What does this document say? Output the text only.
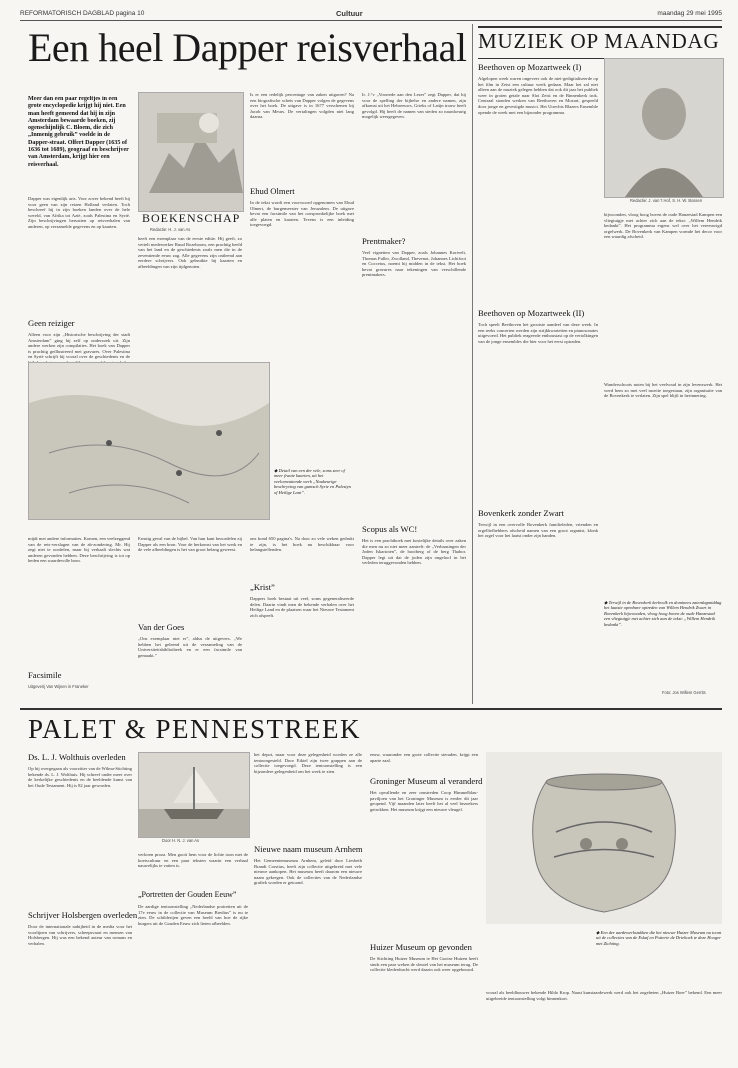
REFORMATORISCH DAGBLAD pagina 10	Cultuur	maandag 29 mei 1995
Een heel Dapper reisverhaal
Meer dan een paar regeltjes in een grote encyclopedie krijgt hij niet. Een man heeft gemeend dat hij in zijn Amsterdam bewaarde boeken, zij ogenschijnlijk C. Bloem, die zich „Inmenig gebruik” voelde in de Dapper-straat. Olfert Dapper (1635 of 1636 tot 1689), geograaf en beschrijver van Amsterdam, krijgt hier een reisverhaal.
Dapper was eigenlijk arts. Voor zover bekend heeft hij voor geen van zijn reizen Holland verlaten. Toch beschreef hij in zijn boeken landen over de hele wereld, van Afrika tot Azië, zoals Palestina en Syrië. Zijn beschrijvingen berustten op reisverhalen van anderen, op verzamelde gegevens en op kaarten.
Geen reiziger
Alleen voor zijn „Historische beschrijving der stadt Amsterdam” ging hij zelf op onderzoek uit. Zijn andere werken zijn compilaties. Het boek van Dapper is prachtig geïllustreerd met gravures. Over Palestina en Syrië schrijft hij vooral over de geschiedenis en de
BOEKENSCHAP
Redactie: H. J. van As
heeft een exemplaar van de eerste editie. Hij geeft, zo vertelt medewerker Ruud Rozeboom, een prachtig beeld van het land en de geschiedenis zoals men die in de zeventiende eeuw zag. Alle gegevens zijn ontleend aan eerdere schrijvers. Ook gebruikte hij kaarten en afbeeldingen van zijn tijdgenoten.
Is er een redelijk percentage van zaken uitgaven? Na een biografische schets van Dapper volgen de gegevens over het boek. De uitgave is in 1677 verschenen bij Jacob van Meurs. De vertalingen volgden niet lang daarna.
Ehud Olmert
In de tekst wordt een voorwoord opgenomen van Ehud Olmert, de burgemeester van Jeruzalem. De uitgave bevat een facsimile van het oorspronkelijke boek met alle platen en kaarten. Tevens is een inleiding toegevoegd.
Ir. J.°v „Voorrede aan den Lezer” zegt Dapper, dat hij voor de spelling der bijbelse en andere namen, zijn afkomst uit het Hebreeuws, Grieks of Latijn trouw heeft gevolgd. Hij heeft de namen van steden zo nauwkeurig mogelijk weergegeven.
Prentmaker?
Veel vignetten van Dapper, zoals Johannes Kortvelt, Thomas Fuller, Zwolland, Thevenot, Johannes Lichtfoot en Cocceius, noemt hij midden in de tekst. Het boek bevat gravures naar tekeningen van verschillende prentmakers.
Scopus als WC!
Het is een prachtboek met kostelijke details over zaken die men nu zo niet meer aantreft: de „Verbaasingen der Joden Iskarioten”, de hooiberg of de berg Thabor. Dapper legt uit dat de joden zijn ongeloof in het verleden teruggevonden hebben.
◆ Detail van een der vele, soms zeer of meer fraaie kaarten, uit het veelomvattende werk „Naukeurige beschryving van gantsch Syrie en Palestyn of Heilige Lant”.
mijdt met andere informaties. Komen, een veelzeggend van de reis-verslagen van de ab-zondering. Mr. Hij zegt niet te oordelen, maar hij verhaalt slechts wat anderen gevonden hebben. Deze beschrijving is tot op heden een waardevolle bron.
Facsimile
Uitgeverij Van Wijnen in Franeker
Ernstig geval van de bijbel. Van hun kant beoordelen zij Dapper als een bron. Voor de herkomst van het werk en de vele afbeeldingen is het van groot belang geweest.
Van der Goes
„Ons exemplaar niet er”, aldus de uitgevers. „We hebben het geleend uit de verzameling van de Universiteitsbibliotheek en er een facsimile van gemaakt.”
ons bond 650 pagina's. Na door zo vele weken gedrukt te zijn, is het boek nu beschikbaar voor belangstellenden.
„Krist”
Dappers boek bestaat uit veel, soms gegeneraliseerde delen. Daarin vindt men de bekende verhalen over het Heilige Land en de plaatsen waar het Nieuwe Testament zich afspeelt.
MUZIEK OP MAANDAG
Beethoven op Mozartweek (I)
Afgelopen week waren ongeveer ook de niet-gedigitaliseerde op het film in Zeist een cultuur week gedaan. Maar het zal niet alleen aan de muziek gelegen hebben dat ook dit jaar het publiek weer in groten getale naar Slot Zeist en de Binnenkerk trok. Centraal stonden werken van Beethoven en Mozart, gespeeld door jonge en gevestigde musici. Het Utrechts Blazers Ensemble opende de week met een bijzonder programma.
Redactie: J. van 't Hof, S. H. W. Bossen
Beethoven op Mozartweek (II)
Toch speelt Beethoven het grootste aandeel van deze week. In een reeks concerten werden zijn strijkkwartetten en pianosonates uitgevoerd. Het publiek reageerde enthousiast op de vertolkingen van de jonge ensembles die hier voor het eerst optraden.
Bovenkerk zonder Zwart
Terwijl in een overvolle Bovenkerk familieleden, vrienden en orgelliefhebbers afscheid namen van een groot organist, klonk het orgel voor het laatst onder zijn handen.
bijwoonden, vloog hoog boven de oude Hanzestad Kampen een vliegtuigje met achter zich aan de tekst: „Willem Hendrik bedankt”. Het programma ergens wel over het vereeuwigd orgelwerk. De Bovenkerk van Kampen vormde het decor voor een waardig afscheid.
Wanderschoots noten bij het veelvoud in zijn levenswerk. Het werd hem zo met veel moeite toegestaan, zijn organisatie van de Bovenkerk te verlaten. Zijn spel blijft in herinnering.
◆ Terwijl in de Bovenkerk kerkvolk en dominees zaterdagmiddag het laatste openbare optreden van Willem Hendrik Zwart in Bovenkerk bijwoonden, vloog hoog boven de oude Hanzestad een vliegtuigje met achter zich aan de tekst: „Willem Hendrik bedankt”.
Foto: Jos Willem Gerrits
PALET & PENNESTREEK
Ds. L. J. Wolthuis overleden
Op hij overgegaan als voorzitter van de Wilma-Stichting bekende ds. L. J. Wolthuis. Hij schreef onder meer over de kerkelijke geschiedenis en de beeldende kunst van het Oude Testament. Hij is 82 jaar geworden.
Schrijver Holsbergen overleden
Door de internationale nabijheid in de media voor het voorlijnen van schrijvers, scheepsvaart en mensen van Holsbergen. Hij was een bekend auteur van romans en verhalen.
Door H. N. J. van As
verloren proza. Men gooit hem voor de lichte toon met de koetscultuur en een paar teksten waarin een verhaal nauwelijks te vatten is.
„Portretten der Gouden Eeuw”
De aardige tentoonstelling „Nederlandse portretten uit de 17e eeuw in de collectie van Museum Bredius” is nu te zien. De schilderijen geven een beeld van hoe de rijke burgers uit de Gouden Eeuw zich lieten afbeelden.
het depot, maar voor deze gelegenheid worden ze alle tentoongesteld. Door Eiktel zijn twee grappen aan de collectie toegevoegd. Deze tentoonstelling is een bijzondere gelegenheid om het werk te zien.
Nieuwe naam museum Arnhem
Het Gemeentemuseum Arnhem, geleid door Liesbeth Brandt Corstius, heeft zijn collectie uitgebreid met vele nieuwe aankopen. Het museum heeft daarom een nieuwe naam gekregen. Ook de collecties van de Nederlandse grafiek worden er getoond.
eeuw, waaronder een grote collectie sieraden, krijgt een aparte zaal.
Groninger Museum al veranderd
Het opvallende en zeer omstreden Coop Himmelblau-paviljoen van het Groninger Museum is eerder dit jaar geopend. Vijf maanden later heeft het al veel bezoekers getrokken. Het museum krijgt een nieuwe vleugel.
Huizer Museum op gevonden
De Stichting Huizer Museum te Het Gooise Huizen heeft sinds een paar weken de sleutel van het museum terug. De collectie klederdracht werd daarin ook weer opgebouwd.
◆ Een der aardewerkstukken die het nieuwe Huizer Museum nu toont uit de collecties van de Eskaf en Potterie de Driehoek te deze Hooger met Zichting.
vooral als beeldhouwer bekende Hildo Krop. Naast kunstaardewerk werd ook het zogeheten „Huizer Boer” bekend. Een meer uitgebreide tentoonstelling volgt binnenkort.
